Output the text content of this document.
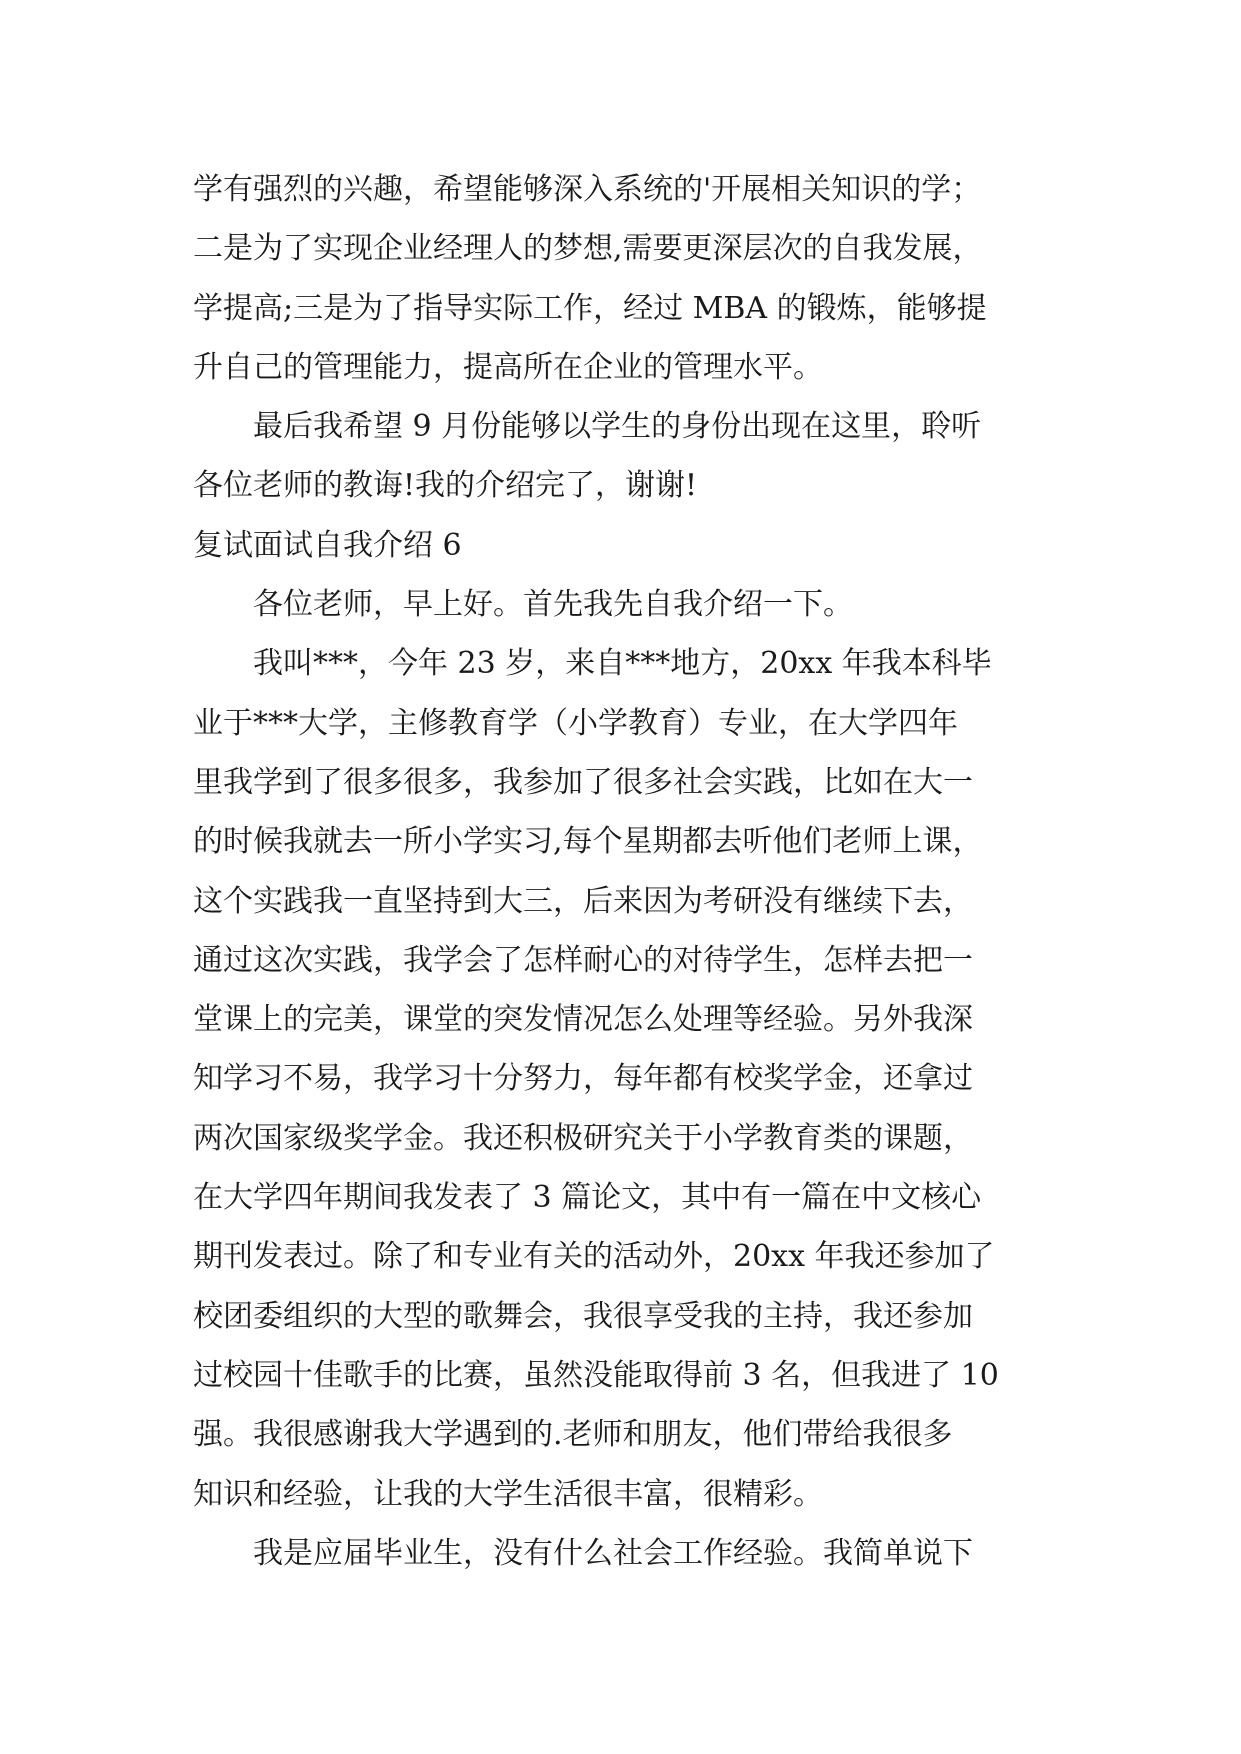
学有强烈的兴趣，希望能够深入系统的'开展相关知识的学；
二是为了实现企业经理人的梦想,需要更深层次的自我发展，
学提高;三是为了指导实际工作，经过 MBA 的锻炼，能够提
升自己的管理能力，提高所在企业的管理水平。
　　最后我希望 9 月份能够以学生的身份出现在这里，聆听
各位老师的教诲!我的介绍完了，谢谢!
复试面试自我介绍 6
　　各位老师，早上好。首先我先自我介绍一下。
　　我叫***，今年 23 岁，来自***地方，20xx 年我本科毕
业于***大学，主修教育学（小学教育）专业，在大学四年
里我学到了很多很多，我参加了很多社会实践，比如在大一
的时候我就去一所小学实习,每个星期都去听他们老师上课，
这个实践我一直坚持到大三，后来因为考研没有继续下去，
通过这次实践，我学会了怎样耐心的对待学生，怎样去把一
堂课上的完美，课堂的突发情况怎么处理等经验。另外我深
知学习不易，我学习十分努力，每年都有校奖学金，还拿过
两次国家级奖学金。我还积极研究关于小学教育类的课题，
在大学四年期间我发表了 3 篇论文，其中有一篇在中文核心
期刊发表过。除了和专业有关的活动外，20xx 年我还参加了
校团委组织的大型的歌舞会，我很享受我的主持，我还参加
过校园十佳歌手的比赛，虽然没能取得前 3 名，但我进了 10
强。我很感谢我大学遇到的.老师和朋友，他们带给我很多
知识和经验，让我的大学生活很丰富，很精彩。
　　我是应届毕业生，没有什么社会工作经验。我简单说下
